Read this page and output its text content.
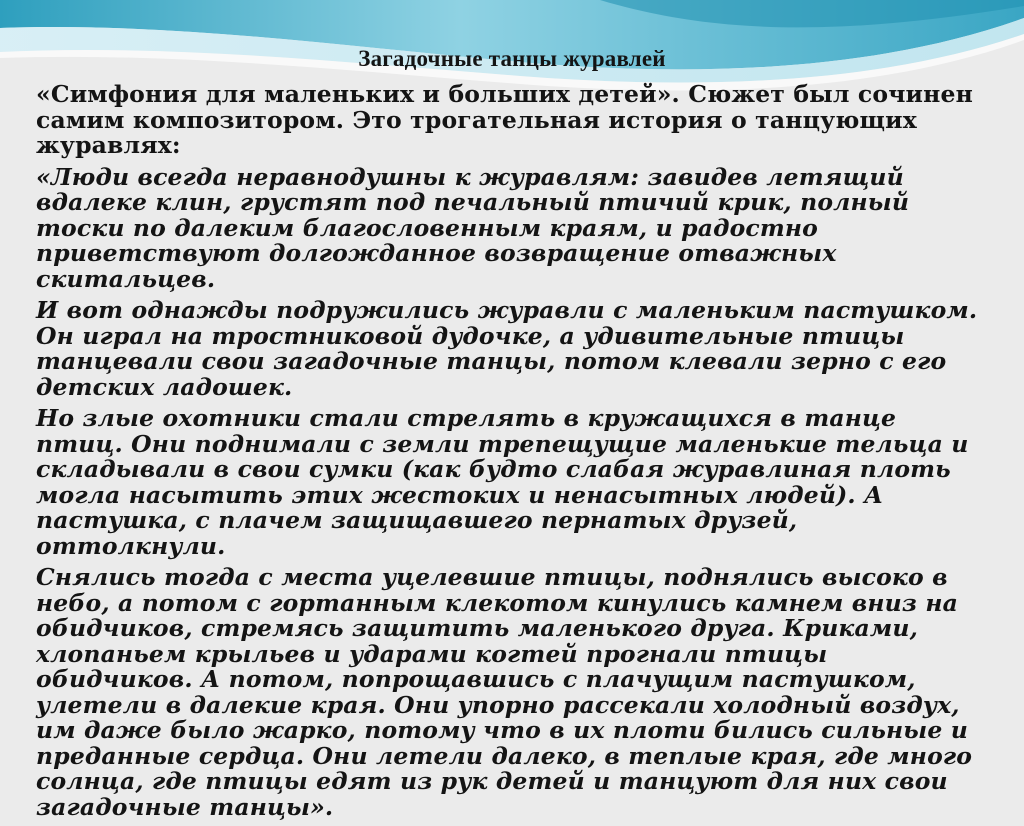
Загадочные танцы журавлей

«Симфония для маленьких и больших детей». Сюжет был сочинен самим композитором. Это трогательная история о танцующих журавлях:

«Люди всегда неравнодушны к журавлям: завидев летящий вдалеке клин, грустят под печальный птичий крик, полный тоски по далеким благословенным краям, и радостно приветствуют долгожданное возвращение отважных скитальцев.

И вот однажды подружились журавли с маленьким пастушком. Он играл на тростниковой дудочке, а удивительные птицы танцевали свои загадочные танцы, потом клевали зерно с его детских ладошек.

Но злые охотники стали стрелять в кружащихся в танце птиц. Они поднимали с земли трепещущие маленькие тельца и складывали в свои сумки (как будто слабая журавлиная плоть могла насытить этих жестоких и ненасытных людей). А пастушка, с плачем защищавшего пернатых друзей, оттолкнули.

Снялись тогда с места уцелевшие птицы, поднялись высоко в небо, а потом с гортанным клекотом кинулись камнем вниз на обидчиков, стремясь защитить маленького друга. Криками, хлопаньем крыльев и ударами когтей прогнали птицы обидчиков. А потом, попрощавшись с плачущим пастушком, улетели в далекие края. Они упорно рассекали холодный воздух, им даже было жарко, потому что в их плоти бились сильные и преданные сердца. Они летели далеко, в теплые края, где много солнца, где птицы едят из рук детей и танцуют для них свои загадочные танцы».
